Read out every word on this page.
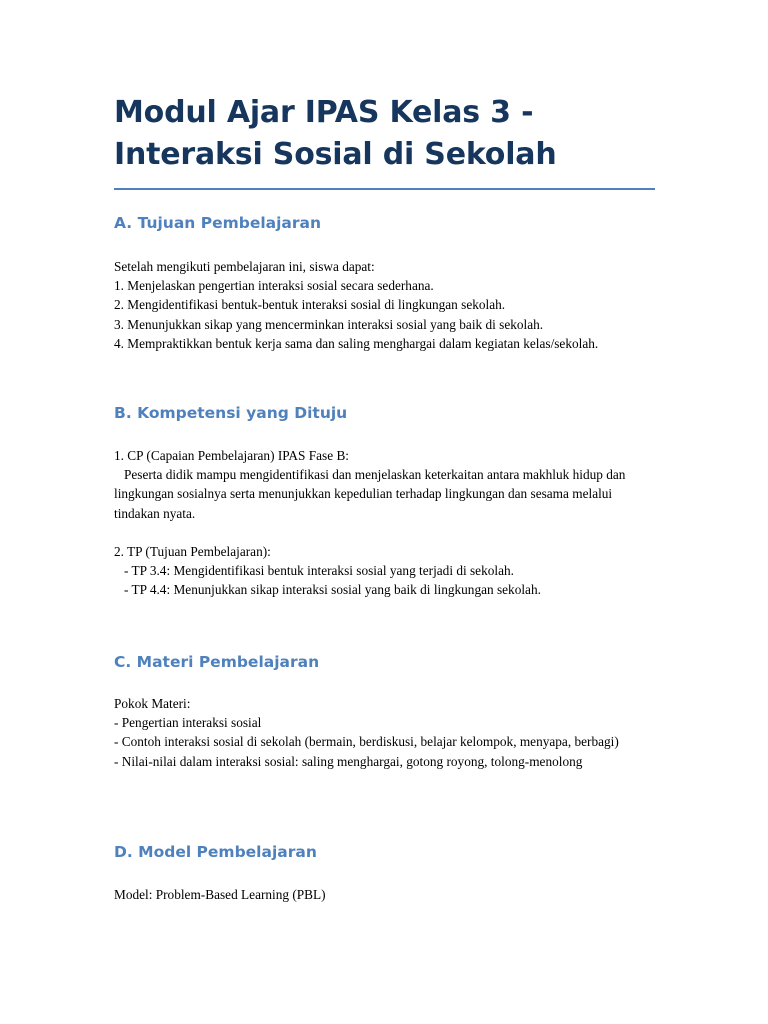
Modul Ajar IPAS Kelas 3 - Interaksi Sosial di Sekolah
A. Tujuan Pembelajaran
Setelah mengikuti pembelajaran ini, siswa dapat:
1. Menjelaskan pengertian interaksi sosial secara sederhana.
2. Mengidentifikasi bentuk-bentuk interaksi sosial di lingkungan sekolah.
3. Menunjukkan sikap yang mencerminkan interaksi sosial yang baik di sekolah.
4. Mempraktikkan bentuk kerja sama dan saling menghargai dalam kegiatan kelas/sekolah.
B. Kompetensi yang Dituju
1. CP (Capaian Pembelajaran) IPAS Fase B:
Peserta didik mampu mengidentifikasi dan menjelaskan keterkaitan antara makhluk hidup dan lingkungan sosialnya serta menunjukkan kepedulian terhadap lingkungan dan sesama melalui tindakan nyata.
2. TP (Tujuan Pembelajaran):
- TP 3.4: Mengidentifikasi bentuk interaksi sosial yang terjadi di sekolah.
- TP 4.4: Menunjukkan sikap interaksi sosial yang baik di lingkungan sekolah.
C. Materi Pembelajaran
Pokok Materi:
- Pengertian interaksi sosial
- Contoh interaksi sosial di sekolah (bermain, berdiskusi, belajar kelompok, menyapa, berbagi)
- Nilai-nilai dalam interaksi sosial: saling menghargai, gotong royong, tolong-menolong
D. Model Pembelajaran
Model: Problem-Based Learning (PBL)
